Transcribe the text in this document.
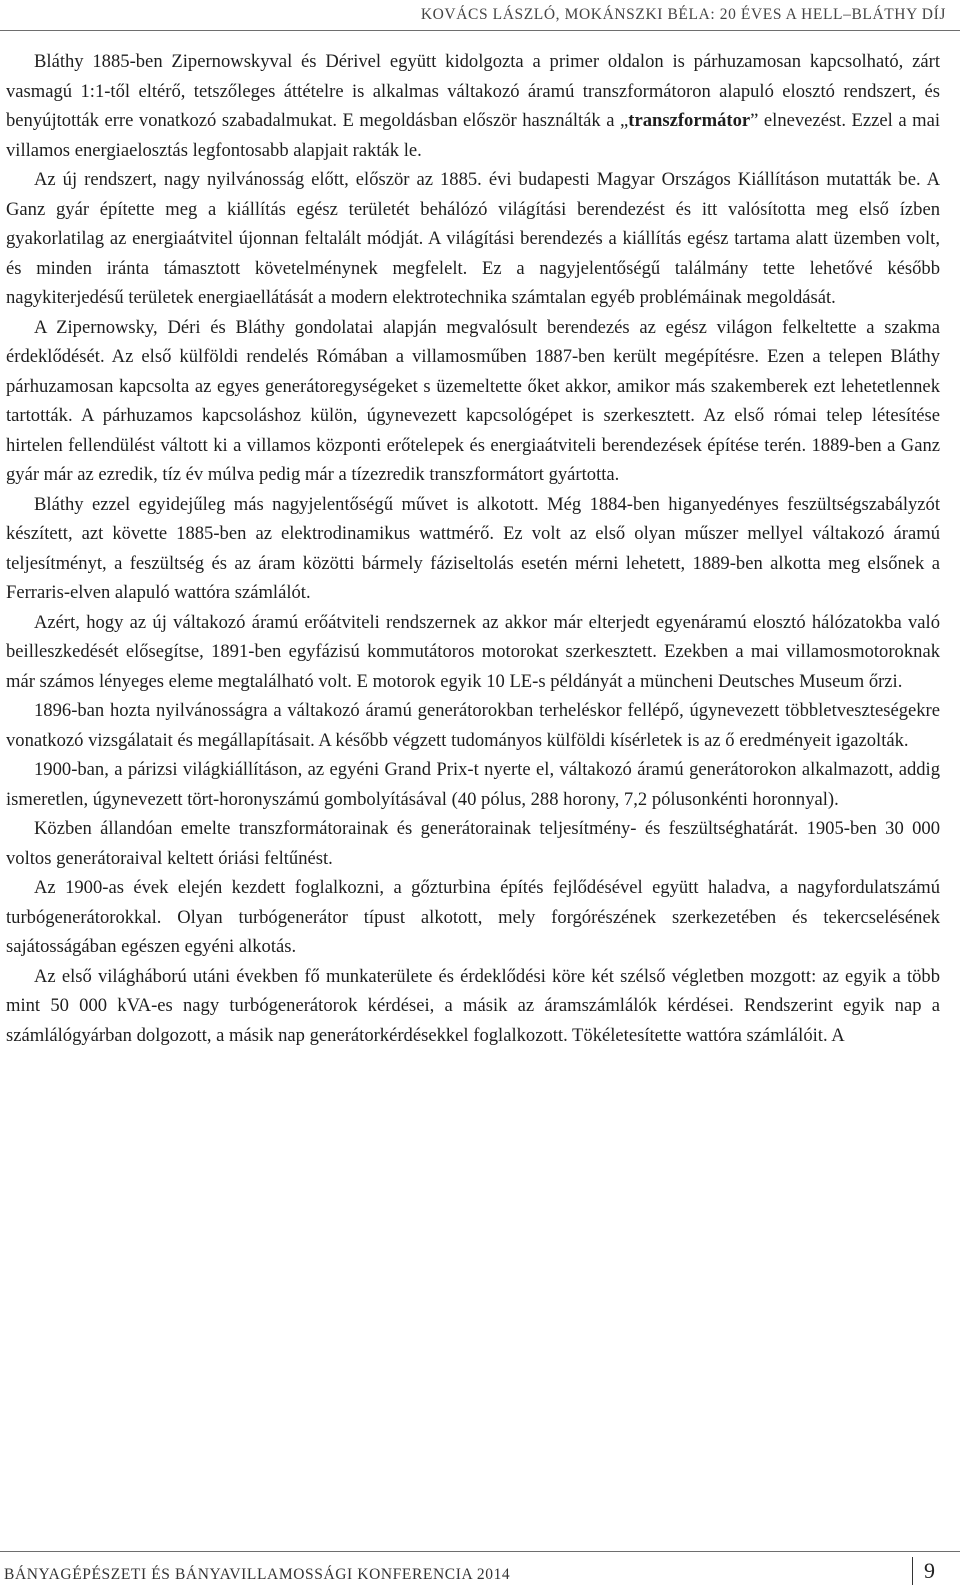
KOVÁCS LÁSZLÓ, MOKÁNSZKI BÉLA: 20 ÉVES A HELL–BLÁTHY DÍJ

Bláthy 1885-ben Zipernowskyval és Dérivel együtt kidolgozta a primer oldalon is párhuzamosan kapcsolható, zárt vasmagú 1:1-től eltérő, tetszőleges áttételre is alkalmas váltakozó áramú transzformátoron alapuló elosztó rendszert, és benyújtották erre vonatkozó szabadalmukat. E megoldásban először használták a „transzformátor” elnevezést. Ezzel a mai villamos energiaelosztás legfontosabb alapjait rakták le.

Az új rendszert, nagy nyilvánosság előtt, először az 1885. évi budapesti Magyar Országos Kiállításon mutatták be. A Ganz gyár építette meg a kiállítás egész területét behálózó világítási berendezést és itt valósította meg első ízben gyakorlatilag az energiaátvitel újonnan feltalált módját. A világítási berendezés a kiállítás egész tartama alatt üzemben volt, és minden iránta támasztott követelménynek megfelelt. Ez a nagyjelentőségű találmány tette lehetővé később nagykiterjedésű területek energiaellátását a modern elektrotechnika számtalan egyéb problémáinak megoldását.

A Zipernowsky, Déri és Bláthy gondolatai alapján megvalósult berendezés az egész világon felkeltette a szakma érdeklődését. Az első külföldi rendelés Rómában a villamosműben 1887-ben került megépítésre. Ezen a telepen Bláthy párhuzamosan kapcsolta az egyes generátoregységeket s üzemeltette őket akkor, amikor más szakemberek ezt lehetetlennek tartották. A párhuzamos kapcsoláshoz külön, úgynevezett kapcsológépet is szerkesztett. Az első római telep létesítése hirtelen fellendülést váltott ki a villamos központi erőtelepek és energiaátviteli berendezések építése terén. 1889-ben a Ganz gyár már az ezredik, tíz év múlva pedig már a tízezredik transzformátort gyártotta.

Bláthy ezzel egyidejűleg más nagyjelentőségű művet is alkotott. Még 1884-ben higanyedényes feszültségszabályzót készített, azt követte 1885-ben az elektrodinamikus wattmérő. Ez volt az első olyan műszer mellyel váltakozó áramú teljesítményt, a feszültség és az áram közötti bármely fáziseltolás esetén mérni lehetett, 1889-ben alkotta meg elsőnek a Ferraris-elven alapuló wattóra számlálót.

Azért, hogy az új váltakozó áramú erőátviteli rendszernek az akkor már elterjedt egyenáramú elosztó hálózatokba való beilleszkedését elősegítse, 1891-ben egyfázisú kommutátoros motorokat szerkesztett. Ezekben a mai villamosmotoroknak már számos lényeges eleme megtalálható volt. E motorok egyik 10 LE-s példányát a müncheni Deutsches Museum őrzi.

1896-ban hozta nyilvánosságra a váltakozó áramú generátorokban terheléskor fellépő, úgynevezett többletveszteségekre vonatkozó vizsgálatait és megállapításait. A később végzett tudományos külföldi kísérletek is az ő eredményeit igazolták.

1900-ban, a párizsi világkiállításon, az egyéni Grand Prix-t nyerte el, váltakozó áramú generátorokon alkalmazott, addig ismeretlen, úgynevezett tört-horonyszámú gombolyításával (40 pólus, 288 horony, 7,2 pólusonkénti horonnyal).

Közben állandóan emelte transzformátorainak és generátorainak teljesítmény- és feszültséghatárát. 1905-ben 30 000 voltos generátoraival keltett óriási feltűnést.

Az 1900-as évek elején kezdett foglalkozni, a gőzturbina építés fejlődésével együtt haladva, a nagyfordulatszámú turbógenerátorokkal. Olyan turbógenerátor típust alkotott, mely forgórészének szerkezetében és tekercselésének sajátosságában egészen egyéni alkotás.

Az első világháború utáni években fő munkaterülete és érdeklődési köre két szélső végletben mozgott: az egyik a több mint 50 000 kVA-es nagy turbógenerátorok kérdései, a másik az áramszámlálók kérdései. Rendszerint egyik nap a számlálógyárban dolgozott, a másik nap generátorkérdésekkel foglalkozott. Tökéletesítette wattóra számlálóit. A

BÁNYAGÉPÉSZETI ÉS BÁNYAVILLAMOSSÁGI KONFERENCIA 2014	9
